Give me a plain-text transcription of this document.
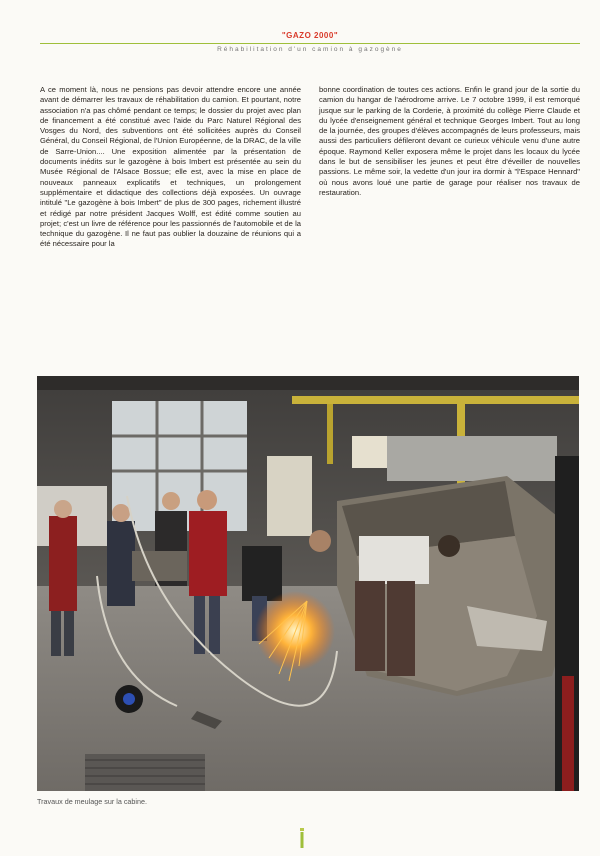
"GAZO 2000"
Réhabilitation d'un camion à gazogène

A ce moment là, nous ne pensions pas devoir attendre encore une année avant de démarrer les travaux de réhabilitation du camion. Et pourtant, notre association n'a pas chômé pendant ce temps; le dossier du projet avec plan de financement a été constitué avec l'aide du Parc Naturel Régional des Vosges du Nord, des subventions ont été sollicitées auprès du Conseil Général, du Conseil Régional, de l'Union Européenne, de la DRAC, de la ville de Sarre-Union.... Une exposition alimentée par la présentation de documents inédits sur le gazogène à bois Imbert est présentée au sein du Musée Régional de l'Alsace Bossue; elle est, avec la mise en place de nouveaux panneaux explicatifs et techniques, un prolongement supplémentaire et didactique des collections déjà exposées. Un ouvrage intitulé "Le gazogène à bois Imbert" de plus de 300 pages, richement illustré et rédigé par notre président Jacques Wolff, est édité comme soutien au projet; c'est un livre de référence pour les passionnés de l'automobile et de la technique du gazogène. Il ne faut pas oublier la douzaine de réunions qui a été nécessaire pour la

bonne coordination de toutes ces actions. Enfin le grand jour de la sortie du camion du hangar de l'aérodrome arrive. Le 7 octobre 1999, il est remorqué jusque sur le parking de la Corderie, à proximité du collège Pierre Claude et du lycée d'enseignement général et technique Georges Imbert. Tout au long de la journée, des groupes d'élèves accompagnés de leurs professeurs, mais aussi des particuliers défileront devant ce curieux véhicule venu d'une autre époque. Raymond Keller exposera même le projet dans les locaux du lycée dans le but de sensibiliser les jeunes et peut être d'éveiller de nouvelles passions. Le même soir, la vedette d'un jour ira dormir à "l'Espace Hennard" où nous avons loué une partie de garage pour réaliser nos travaux de restauration.

Travaux de meulage sur la cabine.
